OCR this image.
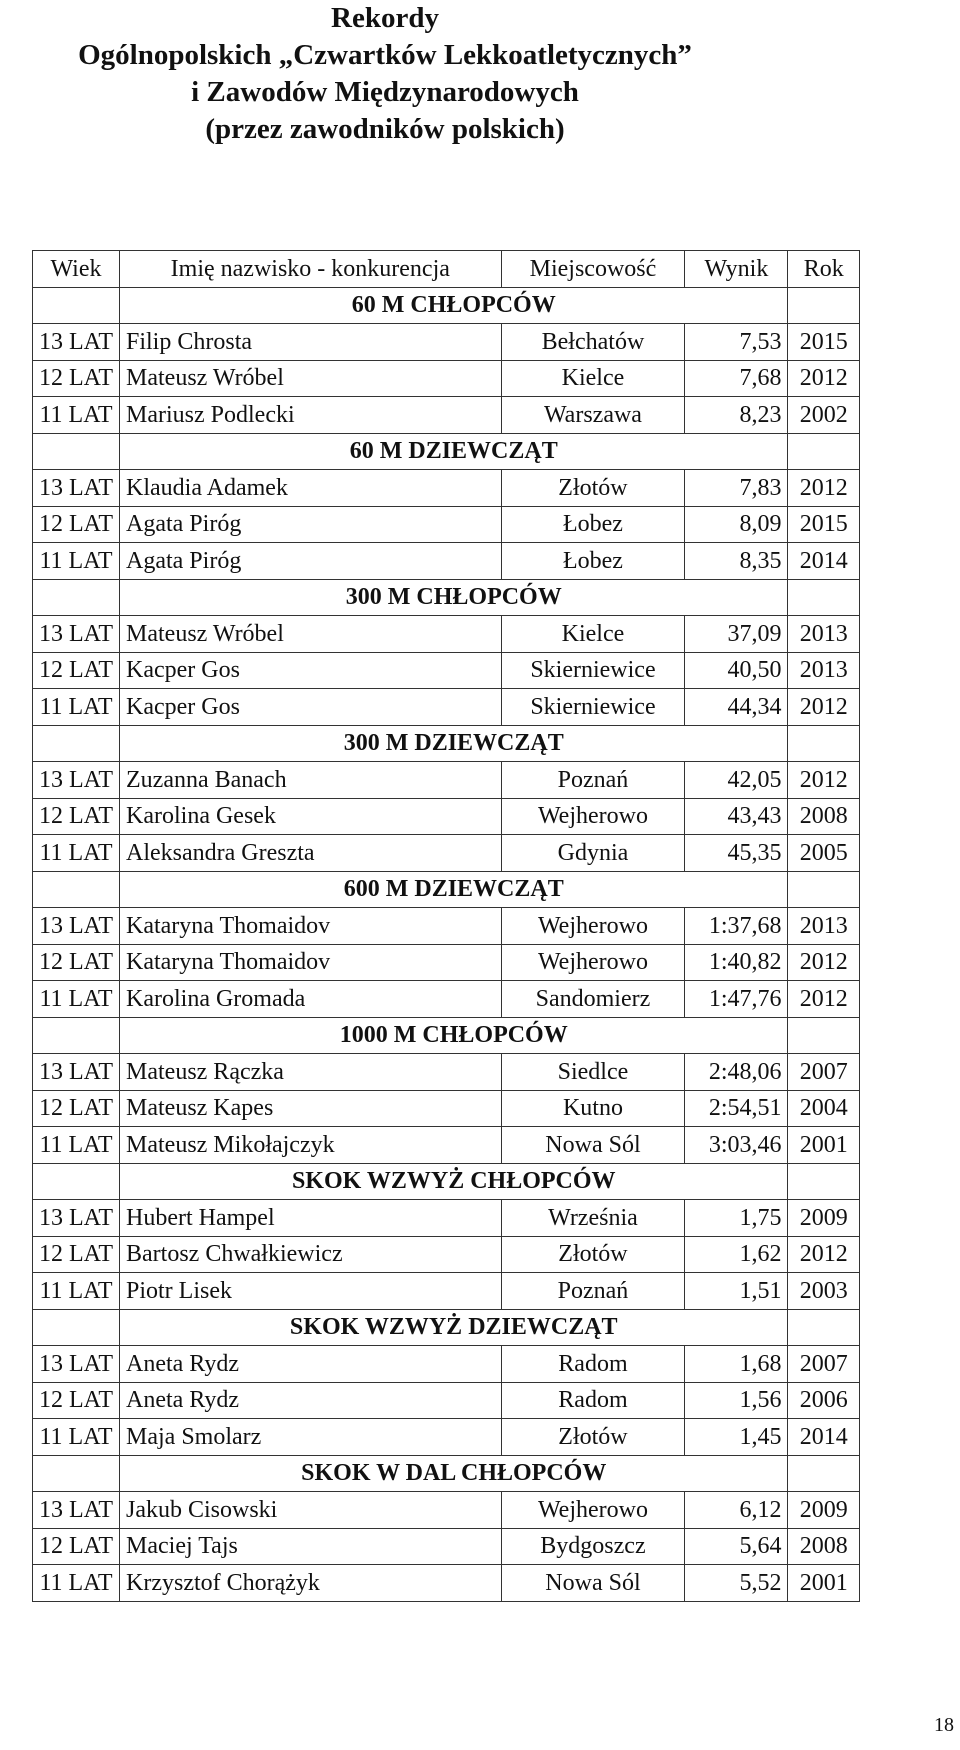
Rekordy
Ogólnopolskich „Czwartków Lekkoatletycznych”
i Zawodów Międzynarodowych
(przez zawodników polskich)
Wiek	Imię nazwisko - konkurencja	Miejscowość	Wynik	Rok
	60 M CHŁOPCÓW			
13 LAT	Filip Chrosta	Bełchatów	7,53	2015
12 LAT	Mateusz Wróbel	Kielce	7,68	2012
11 LAT	Mariusz Podlecki	Warszawa	8,23	2002
	60 M DZIEWCZĄT			
13 LAT	Klaudia Adamek	Złotów	7,83	2012
12 LAT	Agata Piróg	Łobez	8,09	2015
11 LAT	Agata Piróg	Łobez	8,35	2014
	300 M CHŁOPCÓW			
13 LAT	Mateusz Wróbel	Kielce	37,09	2013
12 LAT	Kacper Gos	Skierniewice	40,50	2013
11 LAT	Kacper Gos	Skierniewice	44,34	2012
	300 M DZIEWCZĄT			
13 LAT	Zuzanna Banach	Poznań	42,05	2012
12 LAT	Karolina Gesek	Wejherowo	43,43	2008
11 LAT	Aleksandra Greszta	Gdynia	45,35	2005
	600 M DZIEWCZĄT			
13 LAT	Kataryna Thomaidov	Wejherowo	1:37,68	2013
12 LAT	Kataryna Thomaidov	Wejherowo	1:40,82	2012
11 LAT	Karolina Gromada	Sandomierz	1:47,76	2012
	1000 M CHŁOPCÓW			
13 LAT	Mateusz Rączka	Siedlce	2:48,06	2007
12 LAT	Mateusz Kapes	Kutno	2:54,51	2004
11 LAT	Mateusz Mikołajczyk	Nowa Sól	3:03,46	2001
	SKOK WZWYŻ CHŁOPCÓW			
13 LAT	Hubert Hampel	Września	1,75	2009
12 LAT	Bartosz Chwałkiewicz	Złotów	1,62	2012
11 LAT	Piotr Lisek	Poznań	1,51	2003
	SKOK WZWYŻ DZIEWCZĄT			
13 LAT	Aneta Rydz	Radom	1,68	2007
12 LAT	Aneta Rydz	Radom	1,56	2006
11 LAT	Maja Smolarz	Złotów	1,45	2014
	SKOK W DAL CHŁOPCÓW			
13 LAT	Jakub Cisowski	Wejherowo	6,12	2009
12 LAT	Maciej Tajs	Bydgoszcz	5,64	2008
11 LAT	Krzysztof Chorążyk	Nowa Sól	5,52	2001
18
